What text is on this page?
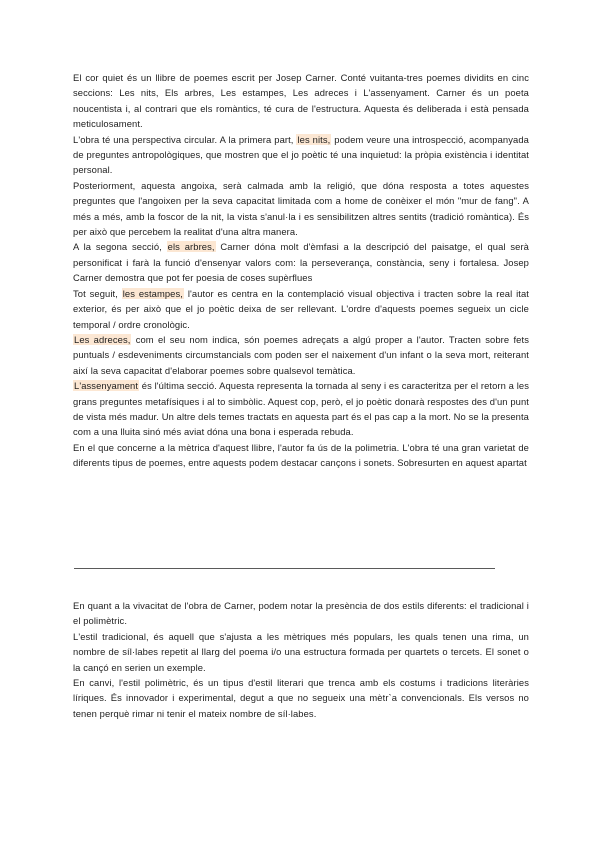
El cor quiet és un llibre de poemes escrit per Josep Carner. Conté vuitanta-tres poemes dividits en cinc seccions: Les nits, Els arbres, Les estampes, Les adreces i L'assenyament. Carner és un poeta noucentista i, al contrari que els romàntics, té cura de l'estructura. Aquesta és deliberada i està pensada meticulosament.

L'obra té una perspectiva circular. A la primera part, les nits, podem veure una introspecció, acompanyada de preguntes antropològiques, que mostren que el jo poètic té una inquietud: la pròpia existència i identitat personal.

Posteriorment, aquesta angoixa, serà calmada amb la religió, que dóna resposta a totes aquestes preguntes que l'angoixen per la seva capacitat limitada com a home de conèixer el món "mur de fang". A més a més, amb la foscor de la nit, la vista s'anul·la i es sensibilitzen altres sentits (tradició romàntica). És per això que percebem la realitat d'una altra manera.

A la segona secció, els arbres, Carner dóna molt d'èmfasi a la descripció del paisatge, el qual serà personificat i farà la funció d'ensenyar valors com: la perseverança, constància, seny i fortalesa. Josep Carner demostra que pot fer poesia de coses supèrflues

Tot seguit, les estampes, l'autor es centra en la contemplació visual objectiva i tracten sobre la real itat exterior, és per això que el jo poètic deixa de ser rellevant. L'ordre d'aquests poemes segueix un cicle temporal / ordre cronològic.

Les adreces, com el seu nom indica, són poemes adreçats a algú proper a l'autor. Tracten sobre fets puntuals / esdeveniments circumstancials com poden ser el naixement d'un infant o la seva mort, reiterant així la seva capacitat d'elaborar poemes sobre qualsevol temàtica.

L'assenyament és l'última secció. Aquesta representa la tornada al seny i es caracteritza per el retorn a les grans preguntes metafísiques i al to simbòlic. Aquest cop, però, el jo poètic donarà respostes des d'un punt de vista més madur. Un altre dels temes tractats en aquesta part és el pas cap a la mort. No se la presenta com a una lluita sinó més aviat dóna una bona i esperada rebuda.

En el que concerne a la mètrica d'aquest llibre, l'autor fa ús de la polimetria. L'obra té una gran varietat de diferents tipus de poemes, entre aquests podem destacar cançons i sonets. Sobresurten en aquest apartat

En quant a la vivacitat de l'obra de Carner, podem notar la presència de dos estils diferents: el tradicional i el polimètric.

L'estil tradicional, és aquell que s'ajusta a les mètriques més populars, les quals tenen una rima, un nombre de síl·labes repetit al llarg del poema i/o una estructura formada per quartets o tercets. El sonet o la cançó en serien un exemple.

En canvi, l'estil polimètric, és un tipus d'estil literari que trenca amb els costums i tradicions literàries líriques. És innovador i experimental, degut a que no segueix una mètr`a convencionals. Els versos no tenen perquè rimar ni tenir el mateix nombre de síl·labes.
